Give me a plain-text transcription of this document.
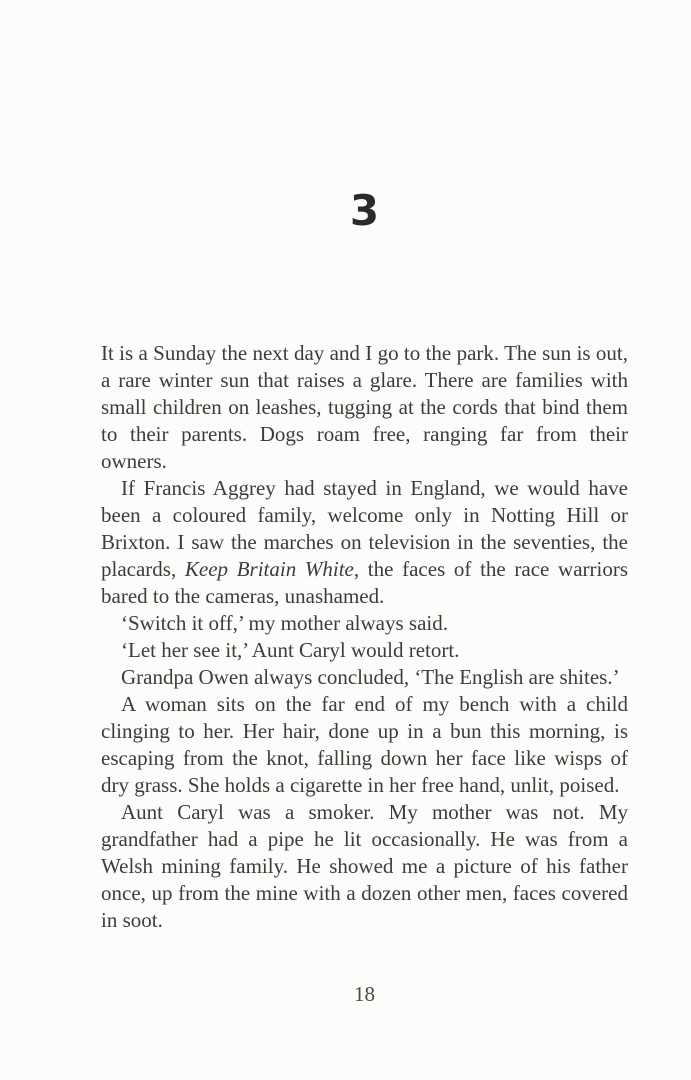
3

It is a Sunday the next day and I go to the park. The sun is out, a rare winter sun that raises a glare. There are families with small children on leashes, tugging at the cords that bind them to their parents. Dogs roam free, ranging far from their owners.

If Francis Aggrey had stayed in England, we would have been a coloured family, welcome only in Notting Hill or Brixton. I saw the marches on television in the seventies, the placards, Keep Britain White, the faces of the race warriors bared to the cameras, unashamed.

‘Switch it off,’ my mother always said.

‘Let her see it,’ Aunt Caryl would retort.

Grandpa Owen always concluded, ‘The English are shites.’

A woman sits on the far end of my bench with a child clinging to her. Her hair, done up in a bun this morning, is escaping from the knot, falling down her face like wisps of dry grass. She holds a cigarette in her free hand, unlit, poised.

Aunt Caryl was a smoker. My mother was not. My grandfather had a pipe he lit occasionally. He was from a Welsh mining family. He showed me a picture of his father once, up from the mine with a dozen other men, faces covered in soot.

18
